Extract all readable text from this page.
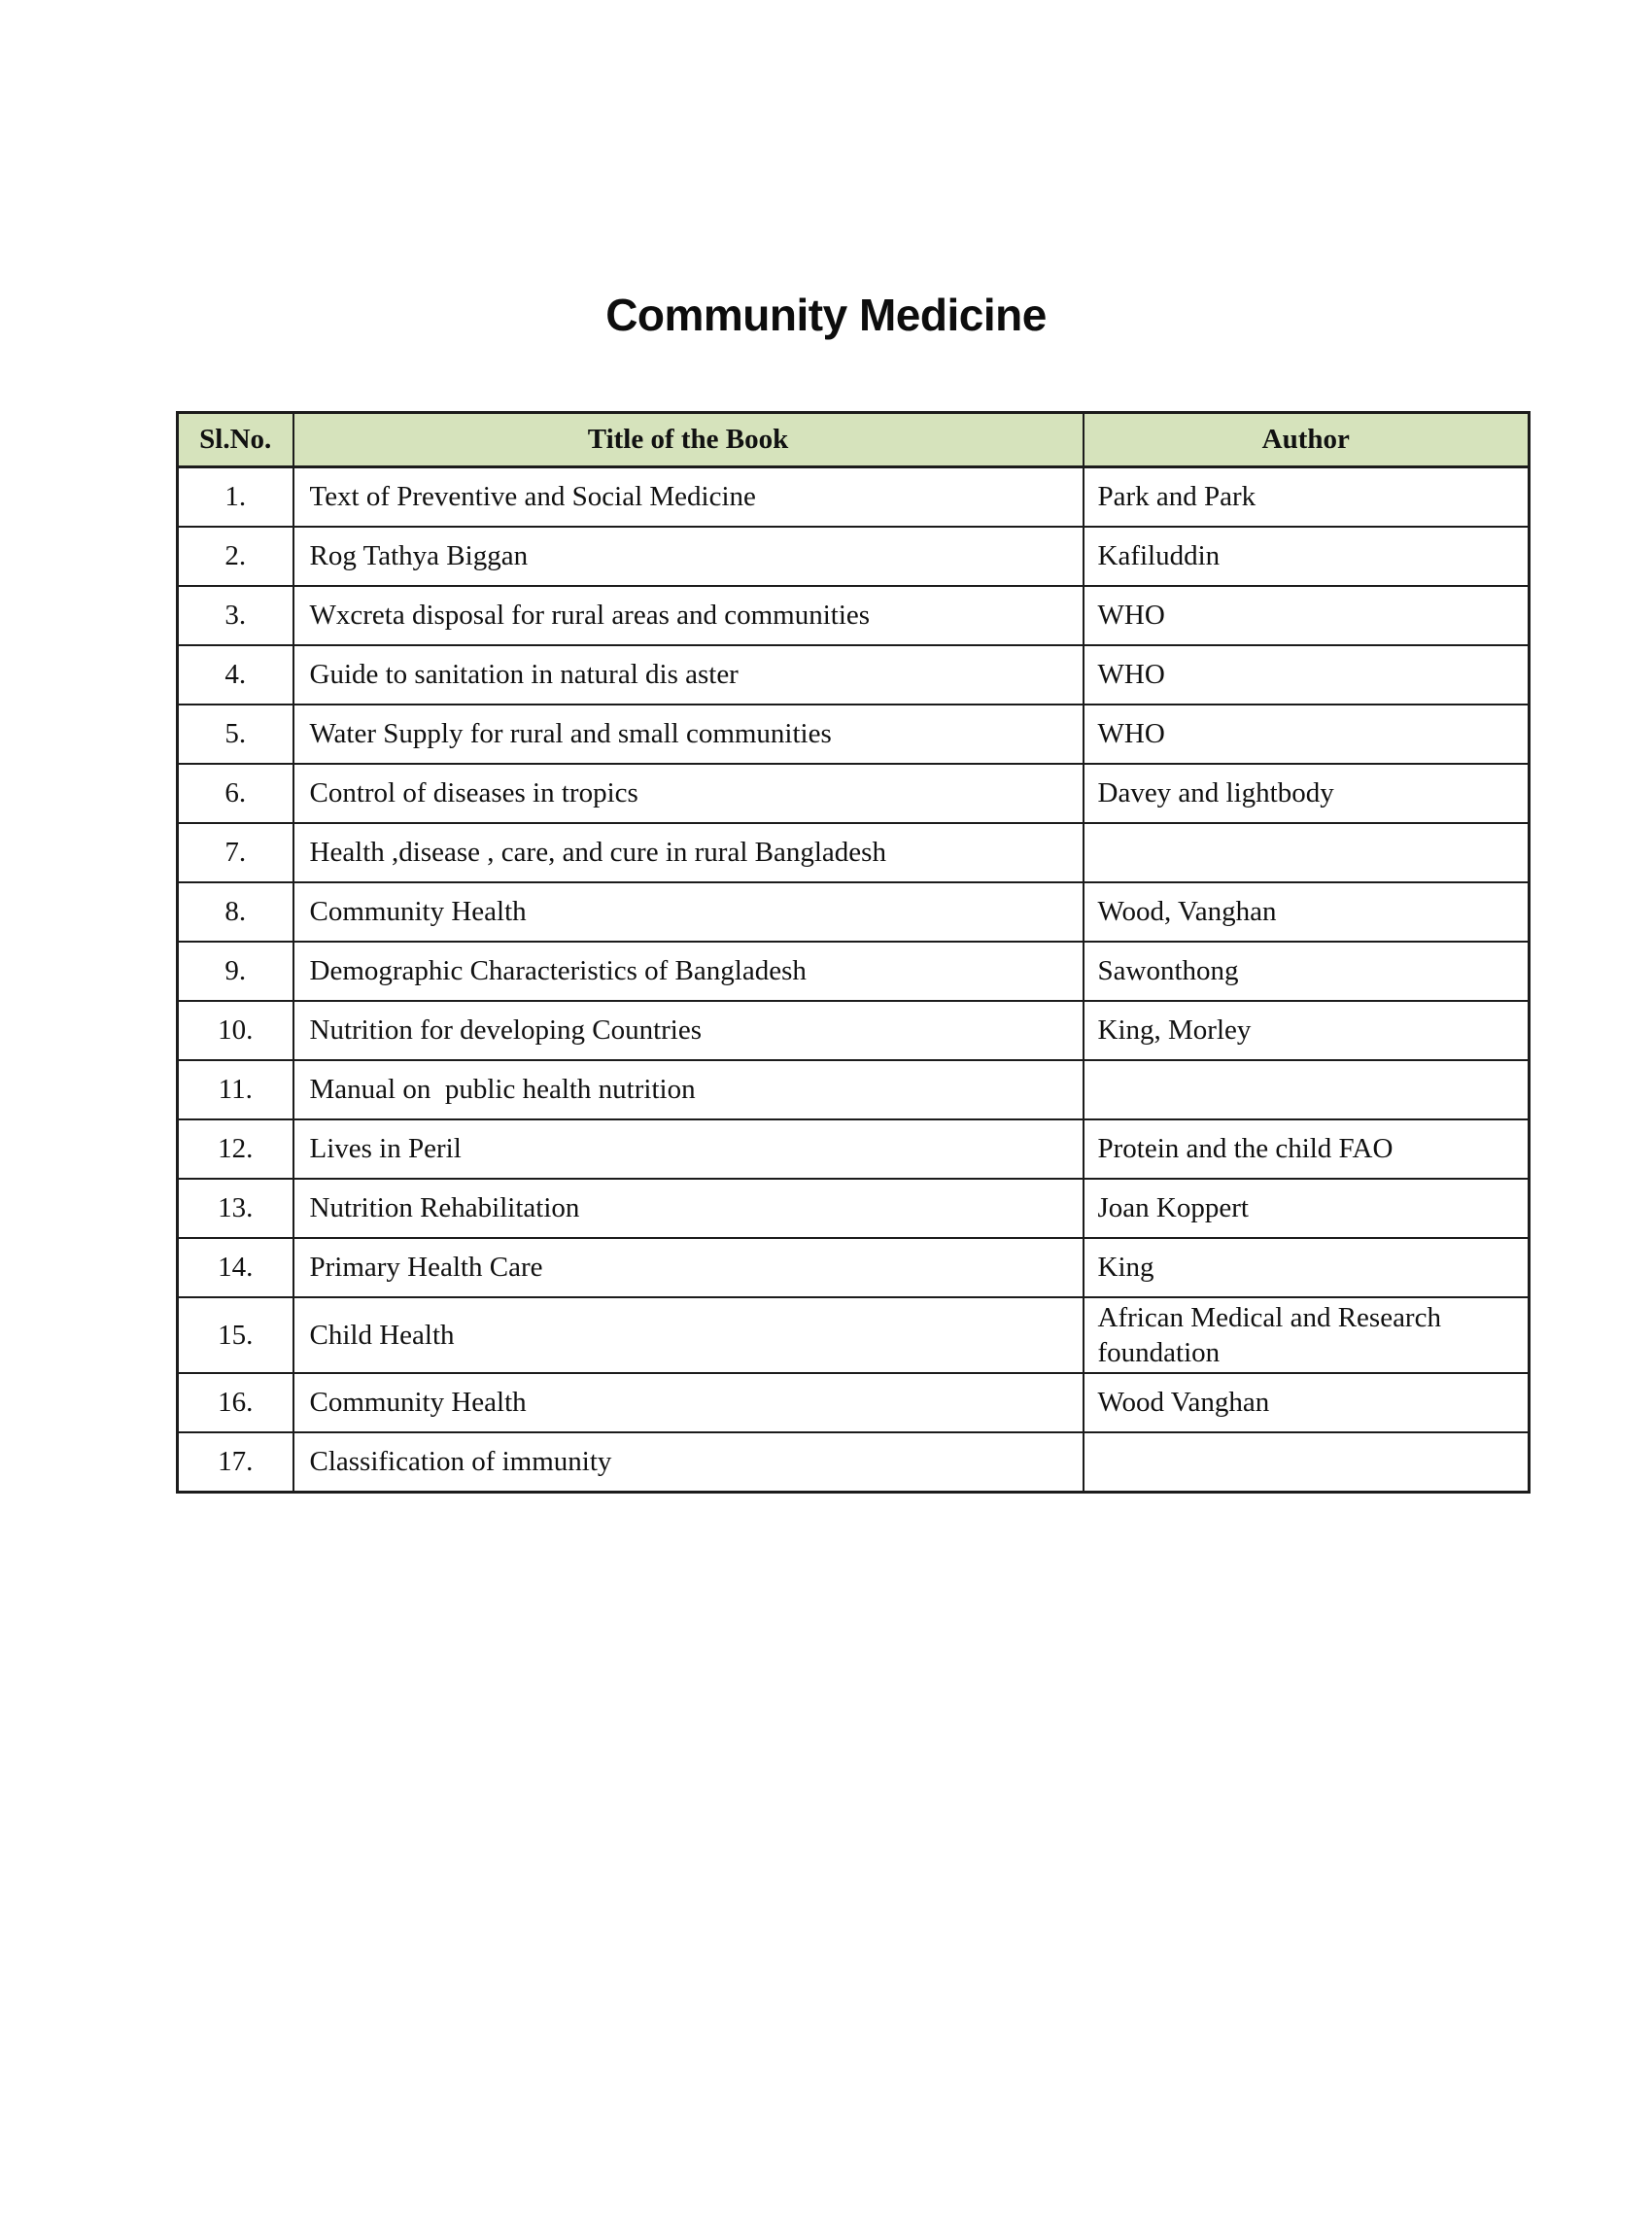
Community Medicine
Sl.No.	Title of the Book	Author
1.	Text of Preventive and Social Medicine	Park and Park
2.	Rog Tathya Biggan	Kafiluddin
3.	Wxcreta disposal for rural areas and communities	WHO
4.	Guide to sanitation in natural dis aster	WHO
5.	Water Supply for rural and small communities	WHO
6.	Control of diseases in tropics	Davey and lightbody
7.	Health ,disease , care, and cure in rural Bangladesh	
8.	Community Health	Wood, Vanghan
9.	Demographic Characteristics of Bangladesh	Sawonthong
10.	Nutrition for developing Countries	King, Morley
11.	Manual on  public health nutrition	
12.	Lives in Peril	Protein and the child FAO
13.	Nutrition Rehabilitation	Joan Koppert
14.	Primary Health Care	King
15.	Child Health	African Medical and Research foundation
16.	Community Health	Wood Vanghan
17.	Classification of immunity	
